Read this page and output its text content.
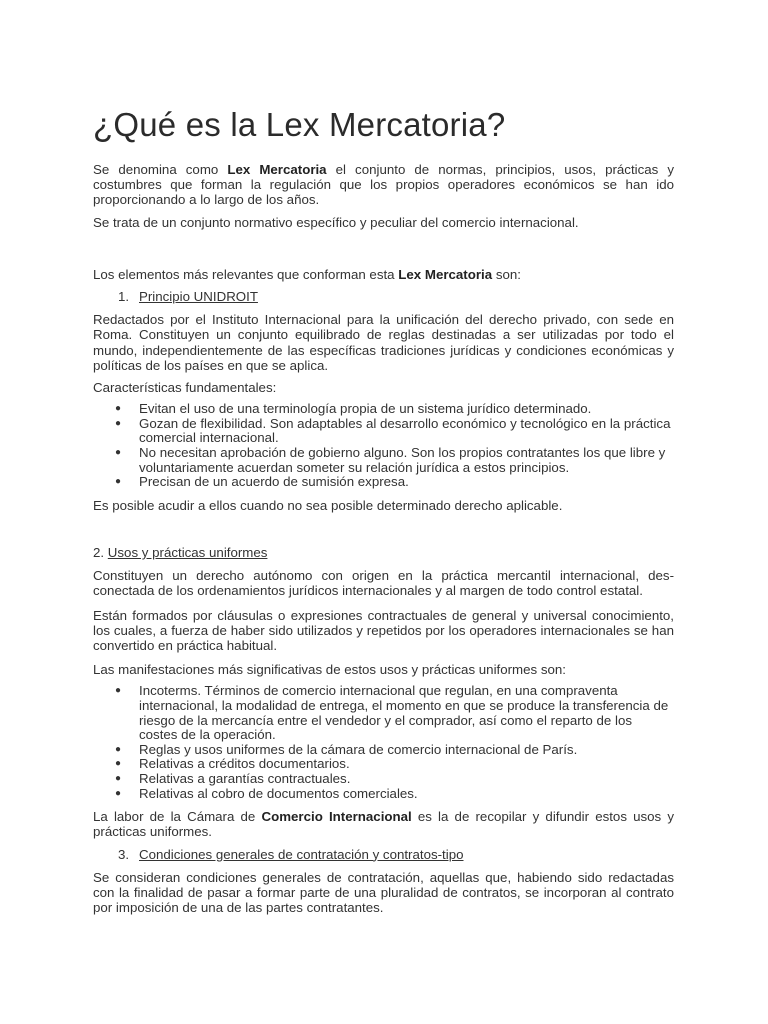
¿Qué es la Lex Mercatoria?

Se denomina como Lex Mercatoria el conjunto de normas, principios, usos, prácticas y costumbres que forman la regulación que los propios operadores económicos se han ido proporcionando a lo largo de los años.

Se trata de un conjunto normativo específico y peculiar del comercio internacional.

Los elementos más relevantes que conforman esta Lex Mercatoria son:

1. Principio UNIDROIT

Redactados por el Instituto Internacional para la unificación del derecho privado, con sede en Roma. Constituyen un conjunto equilibrado de reglas destinadas a ser utilizadas por todo el mundo, independientemente de las específicas tradiciones jurídicas y condiciones económicas y políticas de los países en que se aplica.

Características fundamentales:

● Evitan el uso de una terminología propia de un sistema jurídico determinado.
● Gozan de flexibilidad. Son adaptables al desarrollo económico y tecnológico en la práctica comercial internacional.
● No necesitan aprobación de gobierno alguno. Son los propios contratantes los que libre y voluntariamente acuerdan someter su relación jurídica a estos principios.
● Precisan de un acuerdo de sumisión expresa.

Es posible acudir a ellos cuando no sea posible determinado derecho aplicable.

2. Usos y prácticas uniformes

Constituyen un derecho autónomo con origen en la práctica mercantil internacional, des-conectada de los ordenamientos jurídicos internacionales y al margen de todo control estatal.

Están formados por cláusulas o expresiones contractuales de general y universal conocimiento, los cuales, a fuerza de haber sido utilizados y repetidos por los operadores internacionales se han convertido en práctica habitual.

Las manifestaciones más significativas de estos usos y prácticas uniformes son:

● Incoterms. Términos de comercio internacional que regulan, en una compraventa internacional, la modalidad de entrega, el momento en que se produce la transferencia de riesgo de la mercancía entre el vendedor y el comprador, así como el reparto de los costes de la operación.
● Reglas y usos uniformes de la cámara de comercio internacional de París.
● Relativas a créditos documentarios.
● Relativas a garantías contractuales.
● Relativas al cobro de documentos comerciales.

La labor de la Cámara de Comercio Internacional es la de recopilar y difundir estos usos y prácticas uniformes.

3. Condiciones generales de contratación y contratos-tipo

Se consideran condiciones generales de contratación, aquellas que, habiendo sido redactadas con la finalidad de pasar a formar parte de una pluralidad de contratos, se incorporan al contrato por imposición de una de las partes contratantes.
